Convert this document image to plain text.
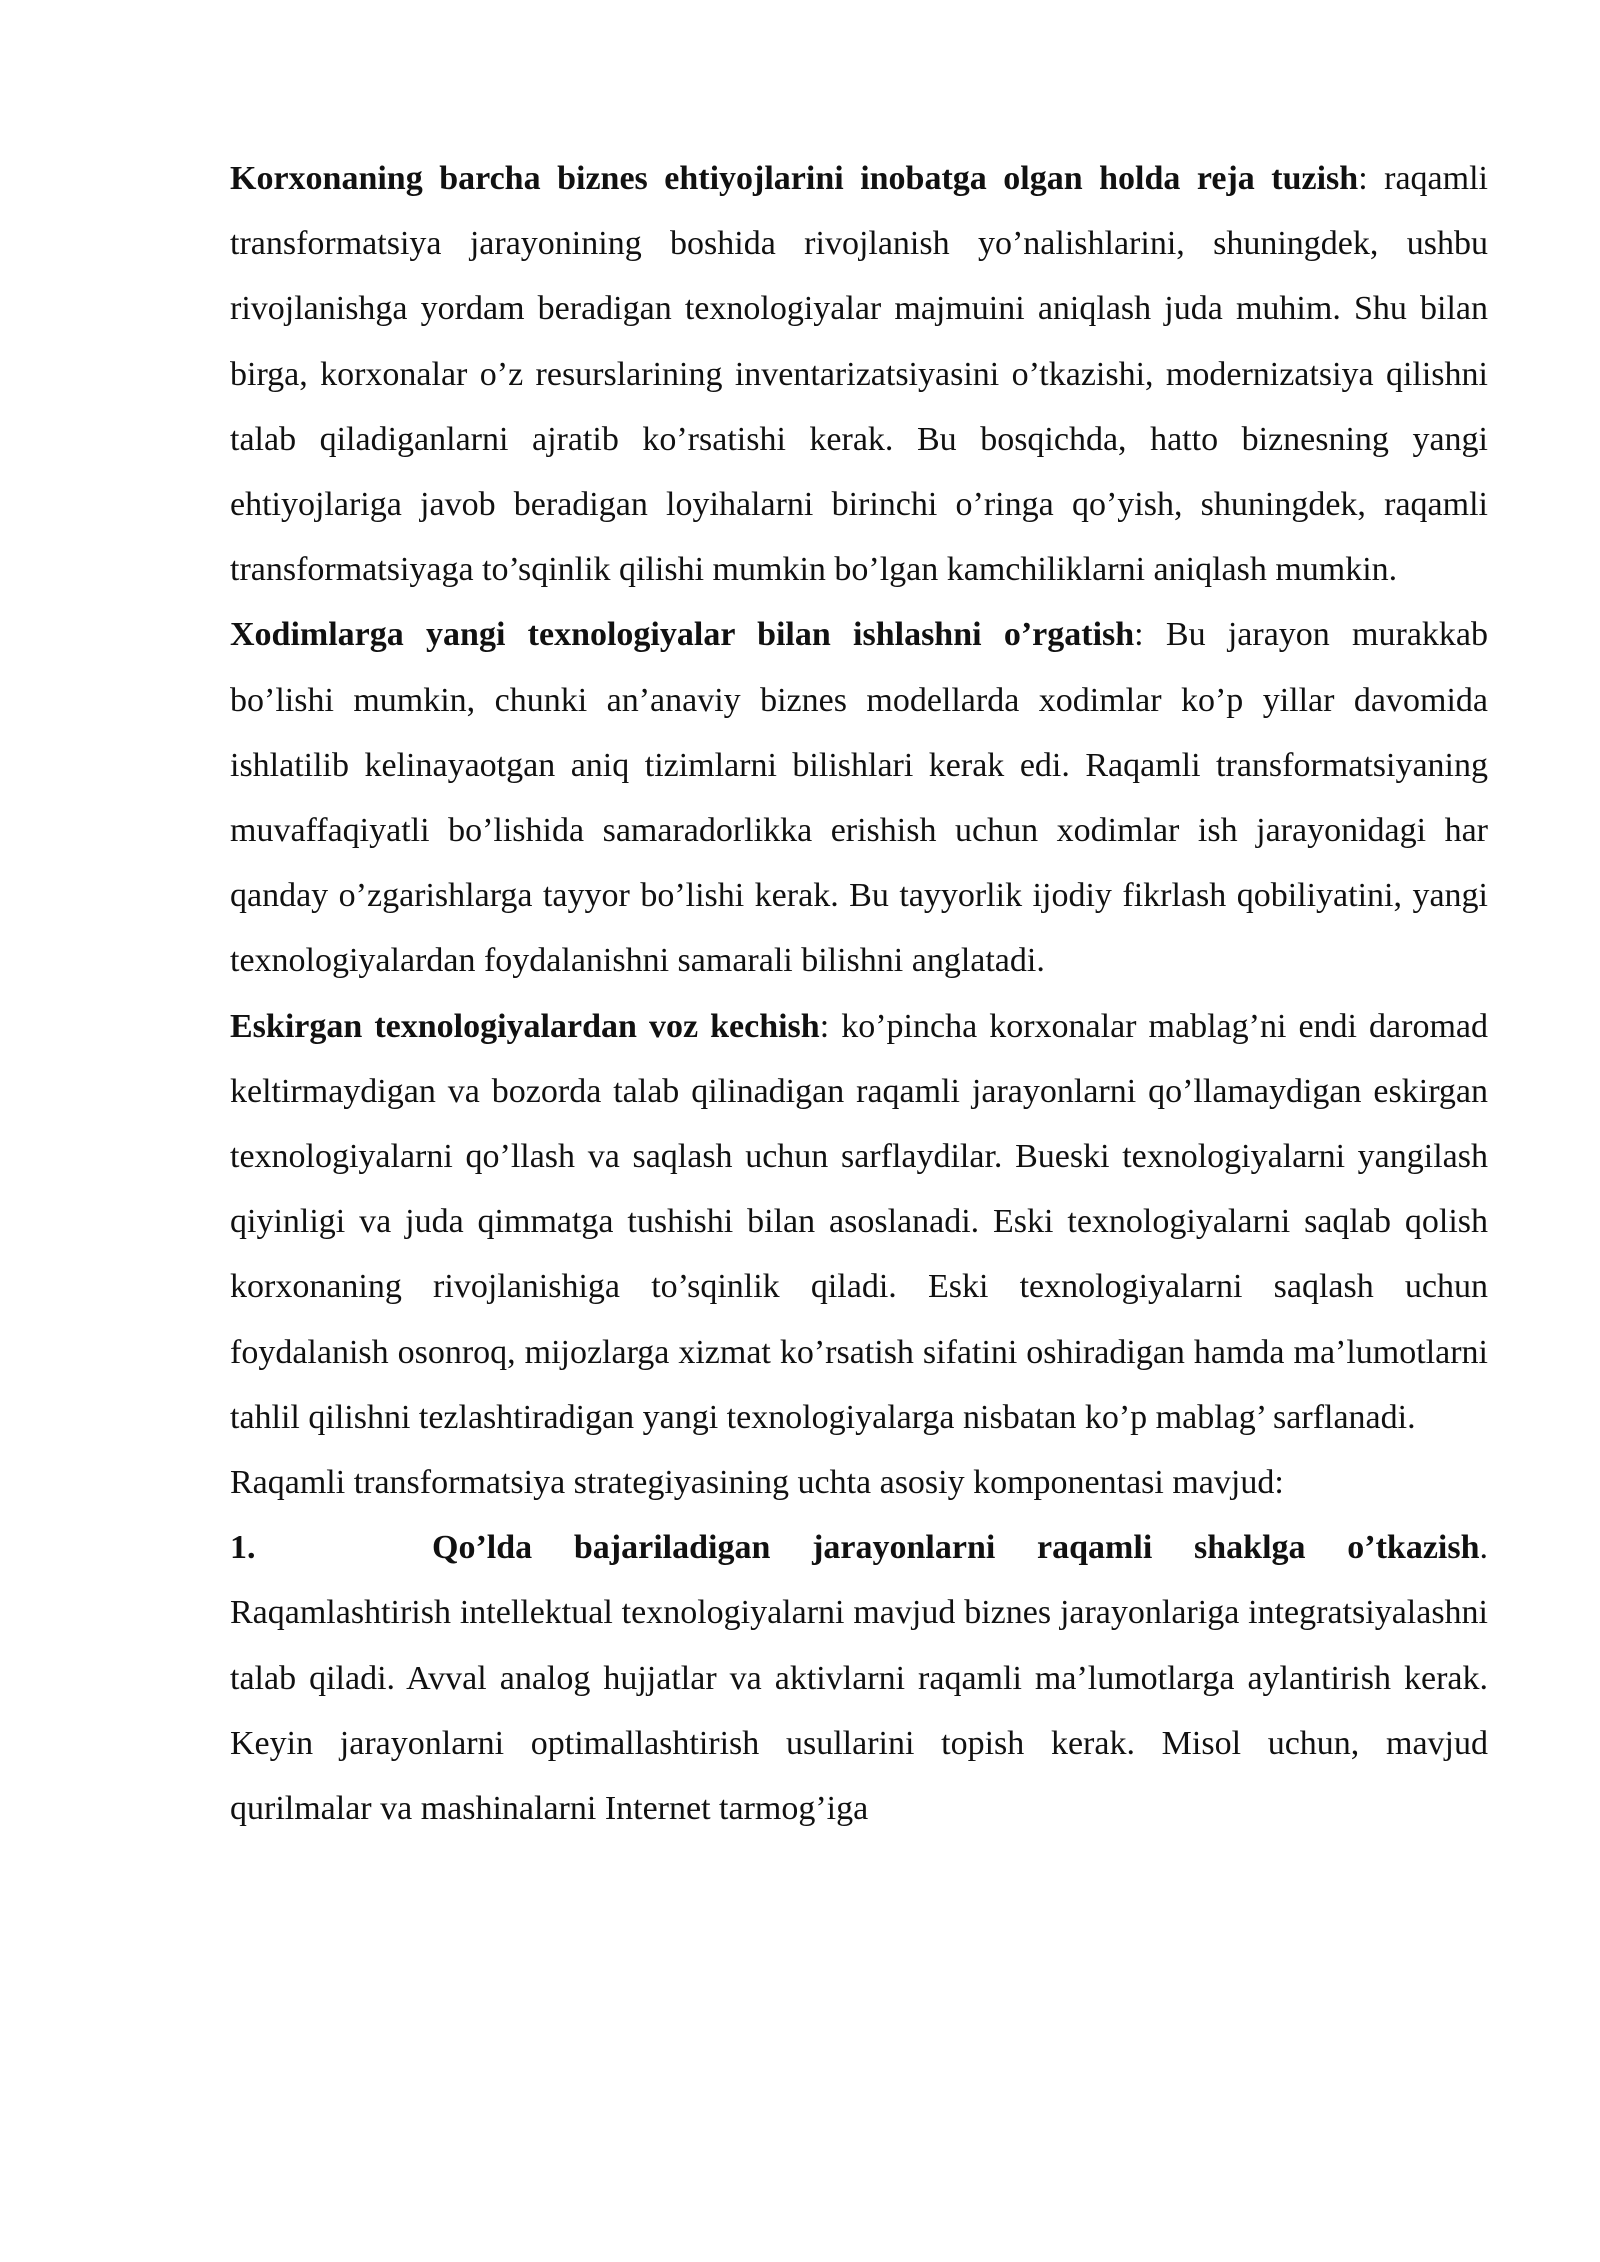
Korxonaning barcha biznes ehtiyojlarini inobatga olgan holda reja tuzish: raqamli transformatsiya jarayonining boshida rivojlanish yo’nalishlarini, shuningdek, ushbu rivojlanishga yordam beradigan texnologiyalar majmuini aniqlash juda muhim. Shu bilan birga, korxonalar o’z resurslarining inventarizatsiyasini o’tkazishi, modernizatsiya qilishni talab qiladiganlarni ajratib ko’rsatishi kerak. Bu bosqichda, hatto biznesning yangi ehtiyojlariga javob beradigan loyihalarni birinchi o’ringa qo’yish, shuningdek, raqamli transformatsiyaga to’sqinlik qilishi mumkin bo’lgan kamchiliklarni aniqlash mumkin.

Xodimlarga yangi texnologiyalar bilan ishlashni o’rgatish: Bu jarayon murakkab bo’lishi mumkin, chunki an’anaviy biznes modellarda xodimlar ko’p yillar davomida ishlatilib kelinayaotgan aniq tizimlarni bilishlari kerak edi. Raqamli transformatsiyaning muvaffaqiyatli bo’lishida samaradorlikka erishish uchun xodimlar ish jarayonidagi har qanday o’zgarishlarga tayyor bo’lishi kerak. Bu tayyorlik ijodiy fikrlash qobiliyatini, yangi texnologiyalardan foydalanishni samarali bilishni anglatadi.

Eskirgan texnologiyalardan voz kechish: ko’pincha korxonalar mablag’ni endi daromad keltirmaydigan va bozorda talab qilinadigan raqamli jarayonlarni qo’llamaydigan eskirgan texnologiyalarni qo’llash va saqlash uchun sarflaydilar. Bueski texnologiyalarni yangilash qiyinligi va juda qimmatga tushishi bilan asoslanadi. Eski texnologiyalarni saqlab qolish korxonaning rivojlanishiga to’sqinlik qiladi. Eski texnologiyalarni saqlash uchun foydalanish osonroq, mijozlarga xizmat ko’rsatish sifatini oshiradigan hamda ma’lumotlarni tahlil qilishni tezlashtiradigan yangi texnologiyalarga nisbatan ko’p mablag’ sarflanadi.

Raqamli transformatsiya strategiyasining uchta asosiy komponentasi mavjud:

1.	Qo’lda bajariladigan jarayonlarni raqamli shaklga o’tkazish. Raqamlashtirish intellektual texnologiyalarni mavjud biznes jarayonlariga integratsiyalashni talab qiladi. Avval analog hujjatlar va aktivlarni raqamli ma’lumotlarga aylantirish kerak. Keyin jarayonlarni optimallashtirish usullarini topish kerak. Misol uchun, mavjud qurilmalar va mashinalarni Internet tarmog’iga
